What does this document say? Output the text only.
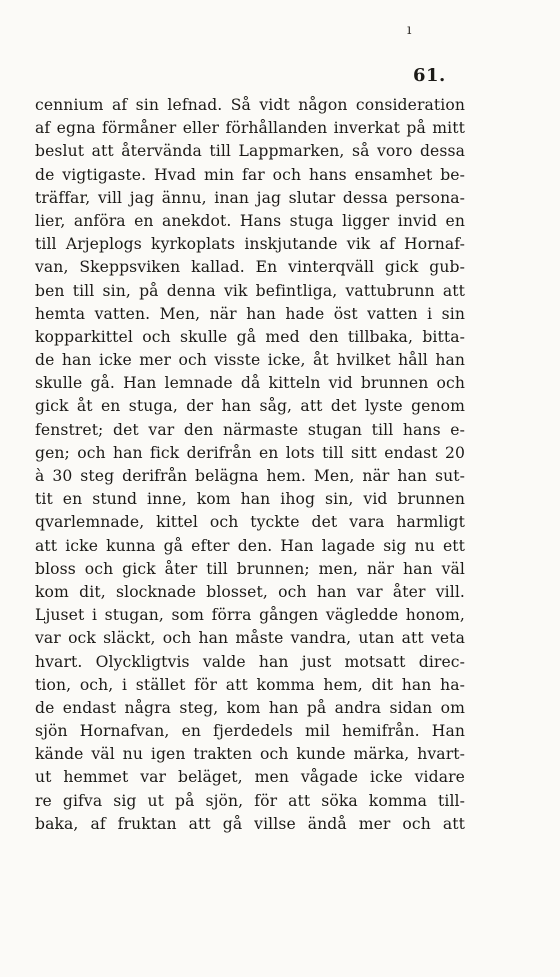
ı
61.
cennium af sin lefnad. Så vidt någon consideration
af egna förmåner eller förhållanden inverkat på mitt
beslut att återvända till Lappmarken, så voro dessa
de vigtigaste. Hvad min far och hans ensamhet be-
träffar, vill jag ännu, inan jag slutar dessa persona-
lier, anföra en anekdot. Hans stuga ligger invid en
till Arjeplogs kyrkoplats inskjutande vik af Hornaf-
van, Skeppsviken kallad. En vinterqväll gick gub-
ben till sin, på denna vik befintliga, vattubrunn att
hemta vatten. Men, när han hade öst vatten i sin
kopparkittel och skulle gå med den tillbaka, bitta-
de han icke mer och visste icke, åt hvilket håll han
skulle gå. Han lemnade då kitteln vid brunnen och
gick åt en stuga, der han såg, att det lyste genom
fenstret; det var den närmaste stugan till hans e-
gen; och han fick derifrån en lots till sitt endast 20
à 30 steg derifrån belägna hem. Men, när han sut-
tit en stund inne, kom han ihog sin, vid brunnen
qvarlemnade, kittel och tyckte det vara harmligt
att icke kunna gå efter den. Han lagade sig nu ett
bloss och gick åter till brunnen; men, när han väl
kom dit, slocknade blosset, och han var åter vill.
Ljuset i stugan, som förra gången vägledde honom,
var ock släckt, och han måste vandra, utan att veta
hvart. Olyckligtvis valde han just motsatt direc-
tion, och, i stället för att komma hem, dit han ha-
de endast några steg, kom han på andra sidan om
sjön Hornafvan, en fjerdedels mil hemifrån. Han
kände väl nu igen trakten och kunde märka, hvart-
ut hemmet var beläget, men vågade icke vidare
re gifva sig ut på sjön, för att söka komma till-
baka, af fruktan att gå villse ändå mer och att
